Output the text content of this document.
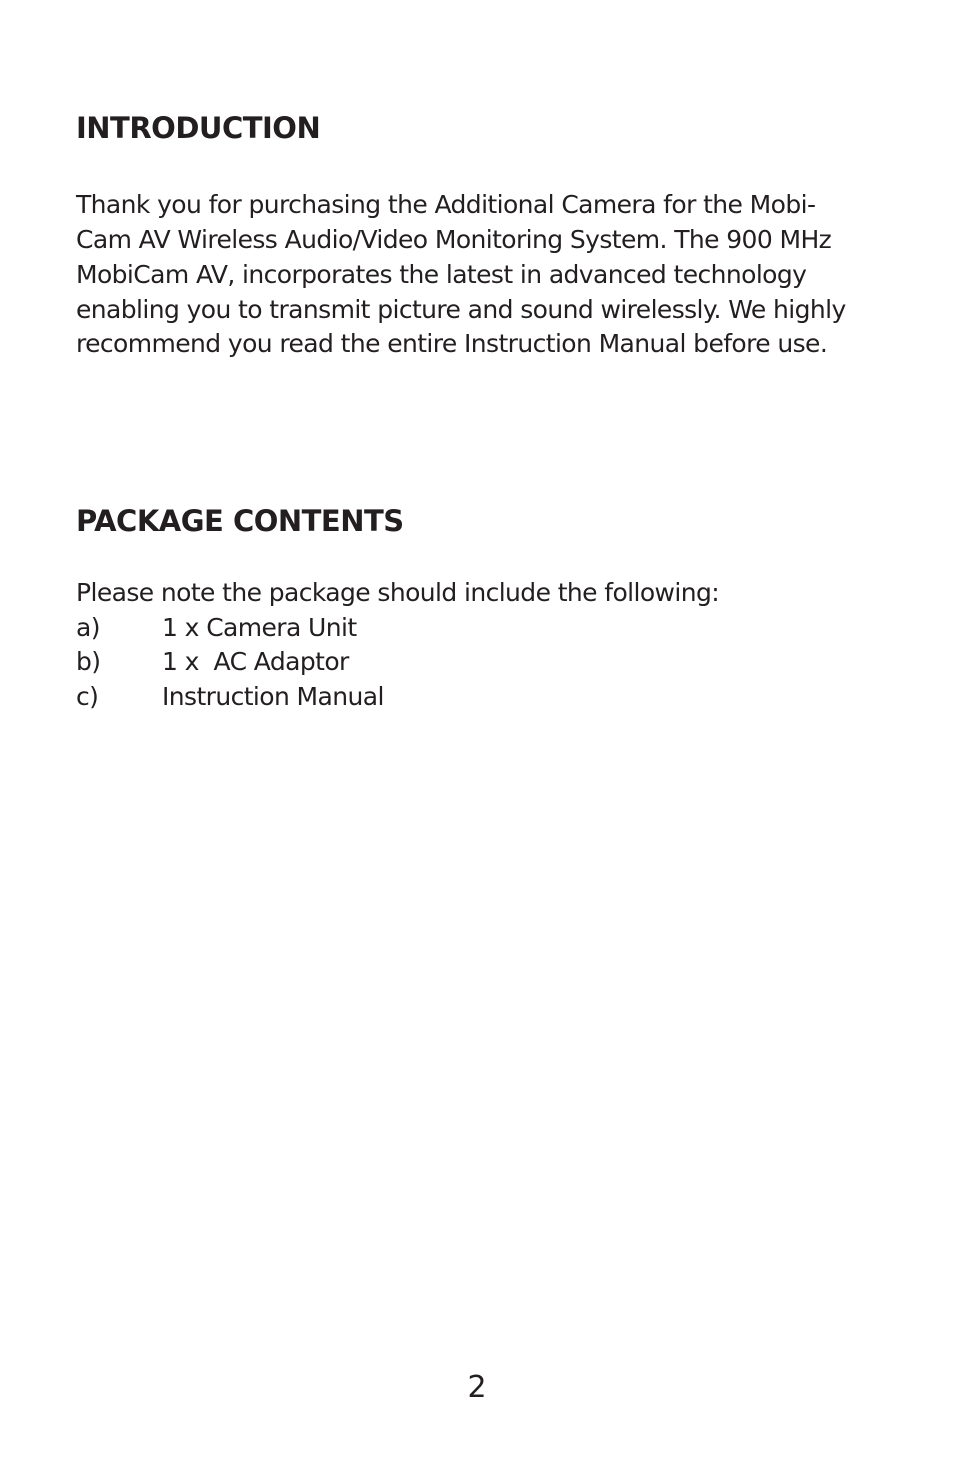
INTRODUCTION
Thank you for purchasing the Additional Camera for the Mobi-
Cam AV Wireless Audio/Video Monitoring System. The 900 MHz
MobiCam AV, incorporates the latest in advanced technology
enabling you to transmit picture and sound wirelessly. We highly
recommend you read the entire Instruction Manual before use.
PACKAGE CONTENTS
Please note the package should include the following:
a) 1 x Camera Unit
b) 1 x  AC Adaptor
c)	Instruction Manual
2
